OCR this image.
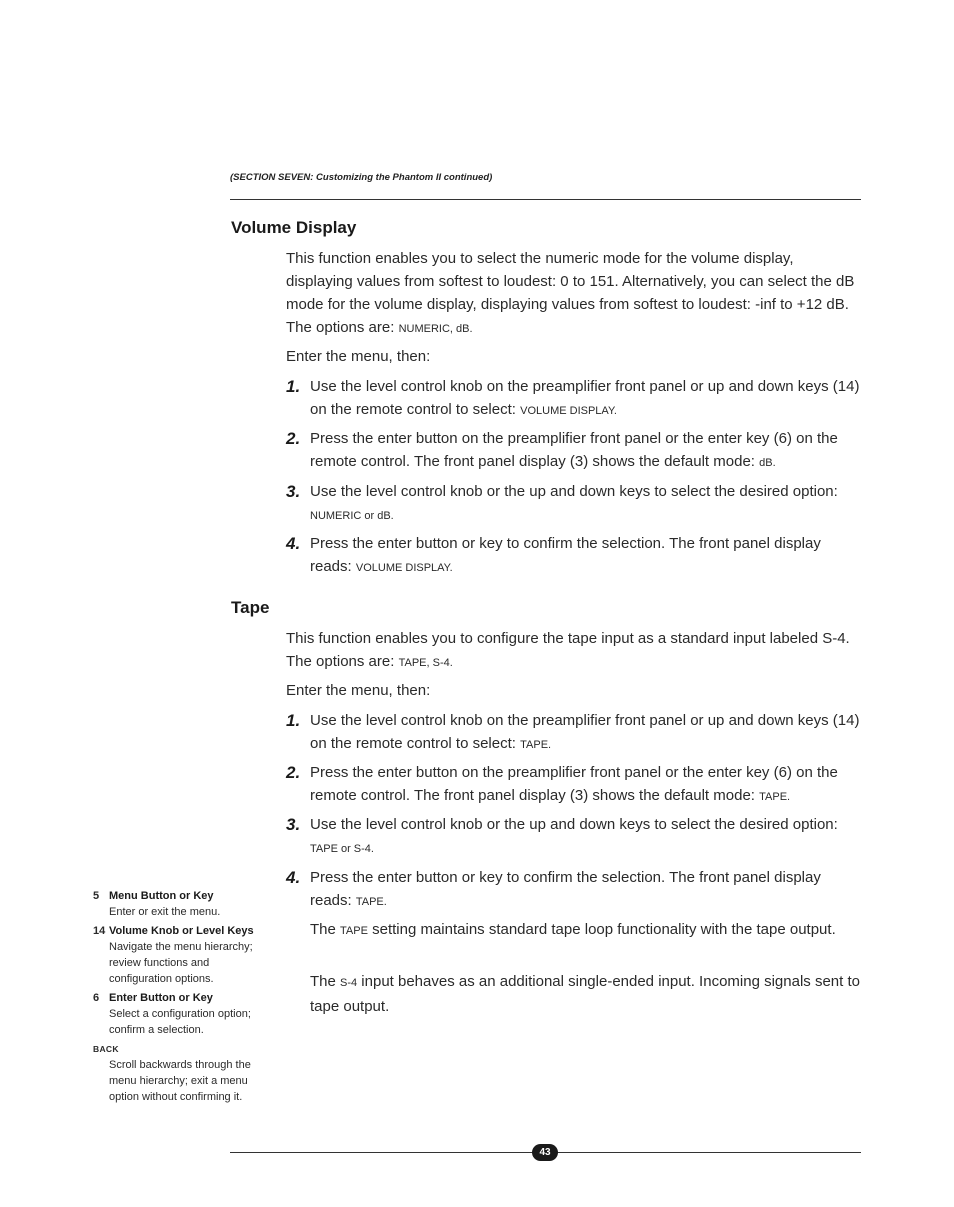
(SECTION SEVEN: Customizing the Phantom II continued)
Volume Display
This function enables you to select the numeric mode for the volume display, displaying values from softest to loudest: 0 to 151. Alternatively, you can select the dB mode for the volume display, displaying values from softest to loudest: -inf to +12 dB. The options are: NUMERIC, dB.
Enter the menu, then:
1. Use the level control knob on the preamplifier front panel or up and down keys (14) on the remote control to select: VOLUME DISPLAY.
2. Press the enter button on the preamplifier front panel or the enter key (6) on the remote control. The front panel display (3) shows the default mode: dB.
3. Use the level control knob or the up and down keys to select the desired option: NUMERIC or dB.
4. Press the enter button or key to confirm the selection. The front panel display reads: VOLUME DISPLAY.
Tape
This function enables you to configure the tape input as a standard input labeled S-4. The options are: TAPE, S-4.
Enter the menu, then:
1. Use the level control knob on the preamplifier front panel or up and down keys (14) on the remote control to select: TAPE.
2. Press the enter button on the preamplifier front panel or the enter key (6) on the remote control. The front panel display (3) shows the default mode: TAPE.
3. Use the level control knob or the up and down keys to select the desired option: TAPE or S-4.
4. Press the enter button or key to confirm the selection. The front panel display reads: TAPE.
The TAPE setting maintains standard tape loop functionality with the tape output.
The S-4 input behaves as an additional single-ended input. Incoming signals sent to tape output.
5 Menu Button or Key
Enter or exit the menu.
14 Volume Knob or Level Keys
Navigate the menu hierarchy; review functions and configuration options.
6 Enter Button or Key
Select a configuration option; confirm a selection.
BACK
Scroll backwards through the menu hierarchy; exit a menu option without confirming it.
43
